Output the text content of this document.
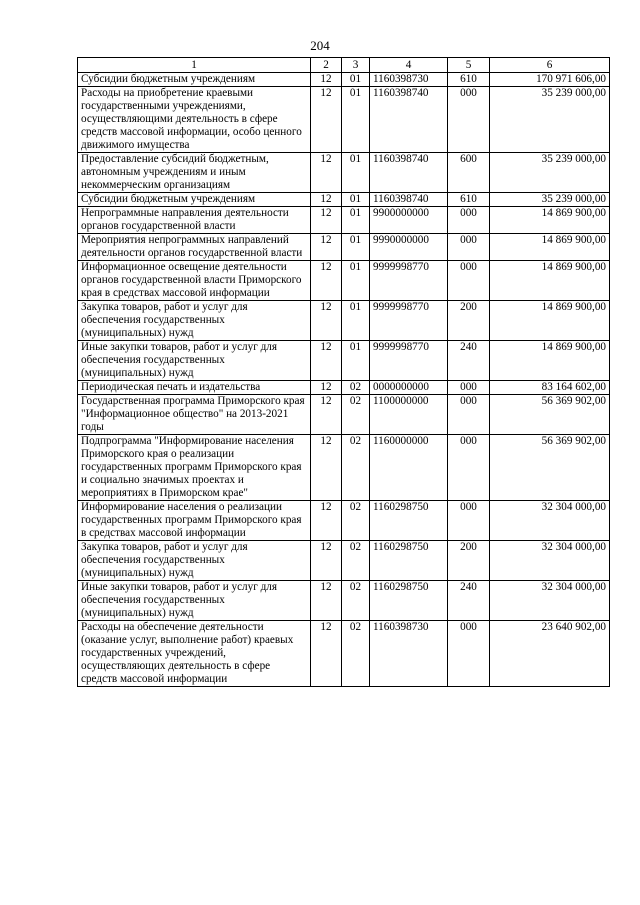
204
1	2	3	4	5	6
Субсидии бюджетным учреждениям	12	01	1160398730	610	170 971 606,00
Расходы на приобретение краевыми государственными учреждениями, осуществляющими деятельность в сфере средств массовой информации, особо ценного движимого имущества	12	01	1160398740	000	35 239 000,00
Предоставление субсидий бюджетным, автономным учреждениям и иным некоммерческим организациям	12	01	1160398740	600	35 239 000,00
Субсидии бюджетным учреждениям	12	01	1160398740	610	35 239 000,00
Непрограммные направления деятельности органов государственной власти	12	01	9900000000	000	14 869 900,00
Мероприятия непрограммных направлений деятельности органов государственной власти	12	01	9990000000	000	14 869 900,00
Информационное освещение деятельности органов государственной власти Приморского края в средствах массовой информации	12	01	9999998770	000	14 869 900,00
Закупка товаров, работ и услуг для обеспечения государственных (муниципальных) нужд	12	01	9999998770	200	14 869 900,00
Иные закупки товаров, работ и услуг для обеспечения государственных (муниципальных) нужд	12	01	9999998770	240	14 869 900,00
Периодическая печать и издательства	12	02	0000000000	000	83 164 602,00
Государственная программа Приморского края "Информационное общество" на 2013-2021 годы	12	02	1100000000	000	56 369 902,00
Подпрограмма "Информирование населения Приморского края о реализации государственных программ Приморского края и социально значимых проектах и мероприятиях в Приморском крае"	12	02	1160000000	000	56 369 902,00
Информирование населения о реализации государственных программ Приморского края в средствах массовой информации	12	02	1160298750	000	32 304 000,00
Закупка товаров, работ и услуг для обеспечения государственных (муниципальных) нужд	12	02	1160298750	200	32 304 000,00
Иные закупки товаров, работ и услуг для обеспечения государственных (муниципальных) нужд	12	02	1160298750	240	32 304 000,00
Расходы на обеспечение деятельности (оказание услуг, выполнение работ) краевых государственных учреждений, осуществляющих деятельность в сфере средств массовой информации	12	02	1160398730	000	23 640 902,00
